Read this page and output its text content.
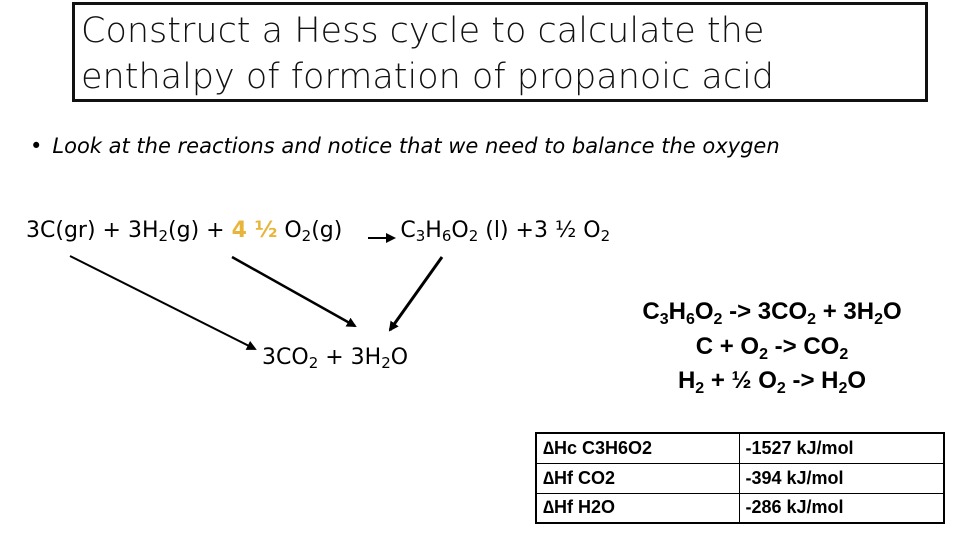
Construct a Hess cycle to calculate the
enthalpy of formation of propanoic acid
• Look at the reactions and notice that we need to balance the oxygen
$3C(gr) + 3H_2(g) + 4$ ½ $O_2(g)$	$C_3H_6O_2$ (l) +3 ½ $O_2$
$3CO_2 + 3H_2O$
$C_3H_6O_2 -> 3CO_2 + 3H_2O$
$C + O_2 -> CO_2$
$H_2$ + ½ $O_2 -> H_2O$
∆Hc C3H6O2	-1527 kJ/mol
∆Hf CO2	-394 kJ/mol
∆Hf H2O	-286 kJ/mol
